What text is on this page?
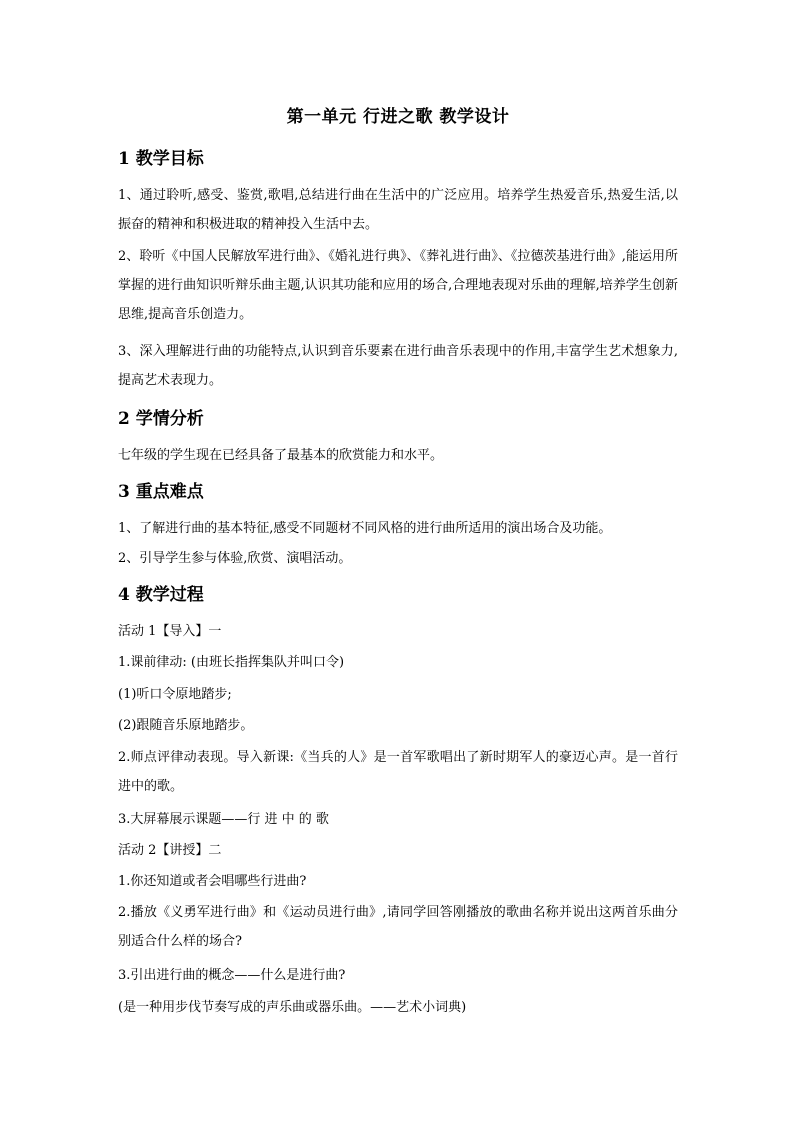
第一单元 行进之歌 教学设计
1 教学目标
1、通过聆听,感受、鉴赏,歌唱,总结进行曲在生活中的广泛应用。培养学生热爱音乐,热爱生活,以振奋的精神和积极进取的精神投入生活中去。
2、聆听《中国人民解放军进行曲》、《婚礼进行典》、《葬礼进行曲》、《拉德茨基进行曲》,能运用所掌握的进行曲知识听辩乐曲主题,认识其功能和应用的场合,合理地表现对乐曲的理解,培养学生创新思维,提高音乐创造力。
3、深入理解进行曲的功能特点,认识到音乐要素在进行曲音乐表现中的作用,丰富学生艺术想象力,提高艺术表现力。
2 学情分析
七年级的学生现在已经具备了最基本的欣赏能力和水平。
3 重点难点
1、了解进行曲的基本特征,感受不同题材不同风格的进行曲所适用的演出场合及功能。
2、引导学生参与体验,欣赏、演唱活动。
4 教学过程
活动 1【导入】一
1.课前律动: (由班长指挥集队并叫口令)
(1)听口令原地踏步;
(2)跟随音乐原地踏步。
2.师点评律动表现。导入新课:《当兵的人》是一首军歌唱出了新时期军人的豪迈心声。是一首行进中的歌。
3.大屏幕展示课题——行 进 中 的 歌
活动 2【讲授】二
1.你还知道或者会唱哪些行进曲?
2.播放《义勇军进行曲》和《运动员进行曲》,请同学回答刚播放的歌曲名称并说出这两首乐曲分别适合什么样的场合?
3.引出进行曲的概念——什么是进行曲?
(是一种用步伐节奏写成的声乐曲或器乐曲。——艺术小词典)
